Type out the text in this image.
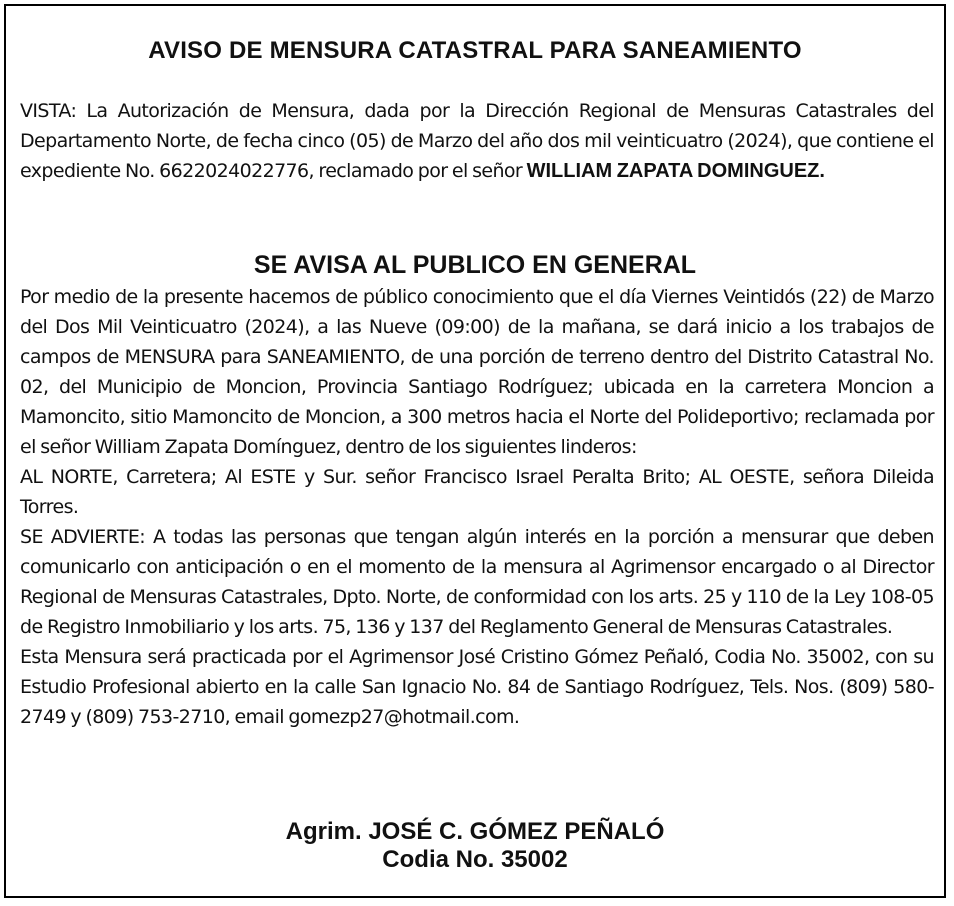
AVISO DE MENSURA CATASTRAL PARA SANEAMIENTO

VISTA: La Autorización de Mensura, dada por la Dirección Regional de Mensuras Catastrales del Departamento Norte, de fecha cinco (05) de Marzo del año dos mil veinticuatro (2024), que contiene el expediente No. 6622024022776, reclamado por el señor WILLIAM ZAPATA DOMINGUEZ.

SE AVISA AL PUBLICO EN GENERAL

Por medio de la presente hacemos de público conocimiento que el día Viernes Veintidós (22) de Marzo del Dos Mil Veinticuatro (2024), a las Nueve (09:00) de la mañana, se dará inicio a los trabajos de campos de MENSURA para SANEAMIENTO, de una porción de terreno dentro del Distrito Catastral No. 02, del Municipio de Moncion, Provincia Santiago Rodríguez; ubicada en la carretera Moncion a Mamoncito, sitio Mamoncito de Moncion, a 300 metros hacia el Norte del Polideportivo; reclamada por el señor William Zapata Domínguez, dentro de los siguientes linderos:

AL NORTE, Carretera; Al ESTE y Sur. señor Francisco Israel Peralta Brito; AL OESTE, señora Dileida Torres.

SE ADVIERTE: A todas las personas que tengan algún interés en la porción a mensurar que deben comunicarlo con anticipación o en el momento de la mensura al Agrimensor encargado o al Director Regional de Mensuras Catastrales, Dpto. Norte, de conformidad con los arts. 25 y 110 de la Ley 108-05 de Registro Inmobiliario y los arts. 75, 136 y 137 del Reglamento General de Mensuras Catastrales.

Esta Mensura será practicada por el Agrimensor José Cristino Gómez Peñaló, Codia No. 35002, con su Estudio Profesional abierto en la calle San Ignacio No. 84 de Santiago Rodríguez, Tels. Nos. (809) 580-2749 y (809) 753-2710, email gomezp27@hotmail.com.

Agrim. JOSÉ C. GÓMEZ PEÑALÓ
Codia No. 35002
